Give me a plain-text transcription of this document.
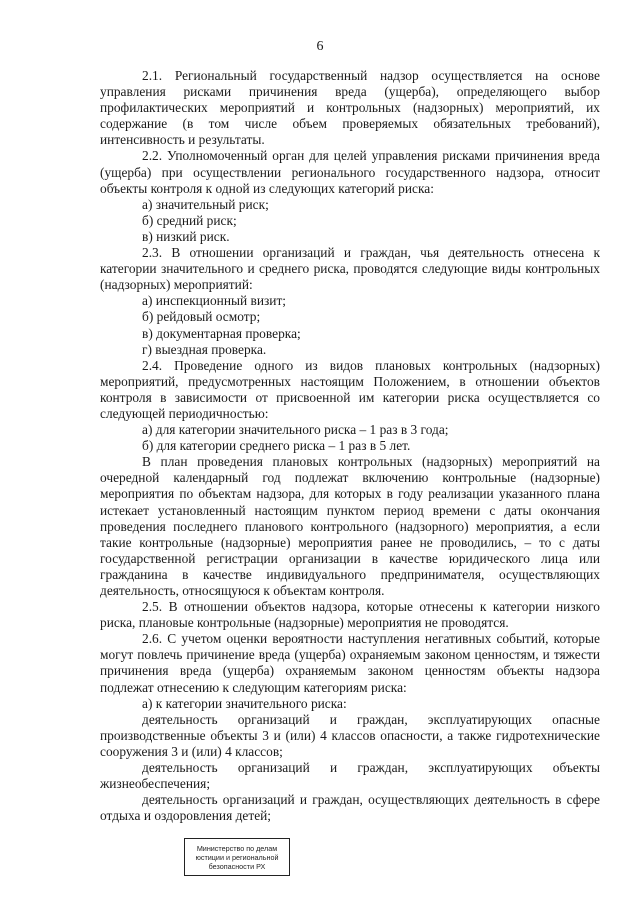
6

2.1. Региональный государственный надзор осуществляется на основе управления рисками причинения вреда (ущерба), определяющего выбор профилактических мероприятий и контрольных (надзорных) мероприятий, их содержание (в том числе объем проверяемых обязательных требований), интенсивность и результаты.

2.2. Уполномоченный орган для целей управления рисками причинения вреда (ущерба) при осуществлении регионального государственного надзора, относит объекты контроля к одной из следующих категорий риска:

а) значительный риск;

б) средний риск;

в) низкий риск.

2.3. В отношении организаций и граждан, чья деятельность отнесена к категории значительного и среднего риска, проводятся следующие виды контрольных (надзорных) мероприятий:

а) инспекционный визит;

б) рейдовый осмотр;

в) документарная проверка;

г) выездная проверка.

2.4. Проведение одного из видов плановых контрольных (надзорных) мероприятий, предусмотренных настоящим Положением, в отношении объектов контроля в зависимости от присвоенной им категории риска осуществляется со следующей периодичностью:

а) для категории значительного риска – 1 раз в 3 года;

б) для категории среднего риска – 1 раз в 5 лет.

В план проведения плановых контрольных (надзорных) мероприятий на очередной календарный год подлежат включению контрольные (надзорные) мероприятия по объектам надзора, для которых в году реализации указанного плана истекает установленный настоящим пунктом период времени с даты окончания проведения последнего планового контрольного (надзорного) мероприятия, а если такие контрольные (надзорные) мероприятия ранее не проводились, – то с даты государственной регистрации организации в качестве юридического лица или гражданина в качестве индивидуального предпринимателя, осуществляющих деятельность, относящуюся к объектам контроля.

2.5. В отношении объектов надзора, которые отнесены к категории низкого риска, плановые контрольные (надзорные) мероприятия не проводятся.

2.6. С учетом оценки вероятности наступления негативных событий, которые могут повлечь причинение вреда (ущерба) охраняемым законом ценностям, и тяжести причинения вреда (ущерба) охраняемым законом ценностям объекты надзора подлежат отнесению к следующим категориям риска:

а) к категории значительного риска:

деятельность организаций и граждан, эксплуатирующих опасные производственные объекты 3 и (или) 4 классов опасности, а также гидротехнические сооружения 3 и (или) 4 классов;

деятельность организаций и граждан, эксплуатирующих объекты жизнеобеспечения;

деятельность организаций и граждан, осуществляющих деятельность в сфере отдыха и оздоровления детей;

Министерство по делам
юстиции и региональной
безопасности РХ
